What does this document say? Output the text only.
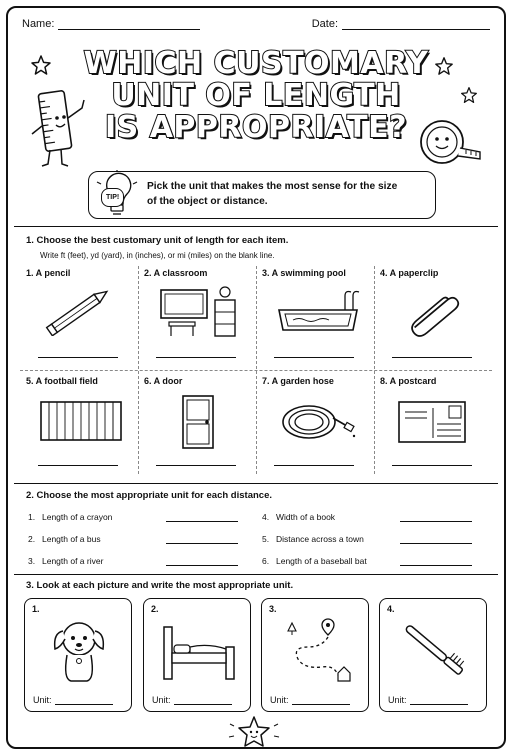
Name:	Date:
WHICH CUSTOMARY
UNIT OF LENGTH
IS APPROPRIATE?
TIP!
Pick the unit that makes the most sense for the size
of the object or distance.
1. Choose the best customary unit of length for each item.
Write ft (feet), yd (yard), in (inches), or mi (miles) on the blank line.
1. A pencil	2. A classroom	3. A swimming pool	4. A paperclip
5. A football field	6. A door	7. A garden hose	8. A postcard
2. Choose the most appropriate unit for each distance.
1. Length of a crayon
2. Length of a bus
3. Length of a river
4. Width of a book
5. Distance across a town
6. Length of a baseball bat
3. Look at each picture and write the most appropriate unit.
1.
Unit:
2.
Unit:
3.
Unit:
4.
Unit:
